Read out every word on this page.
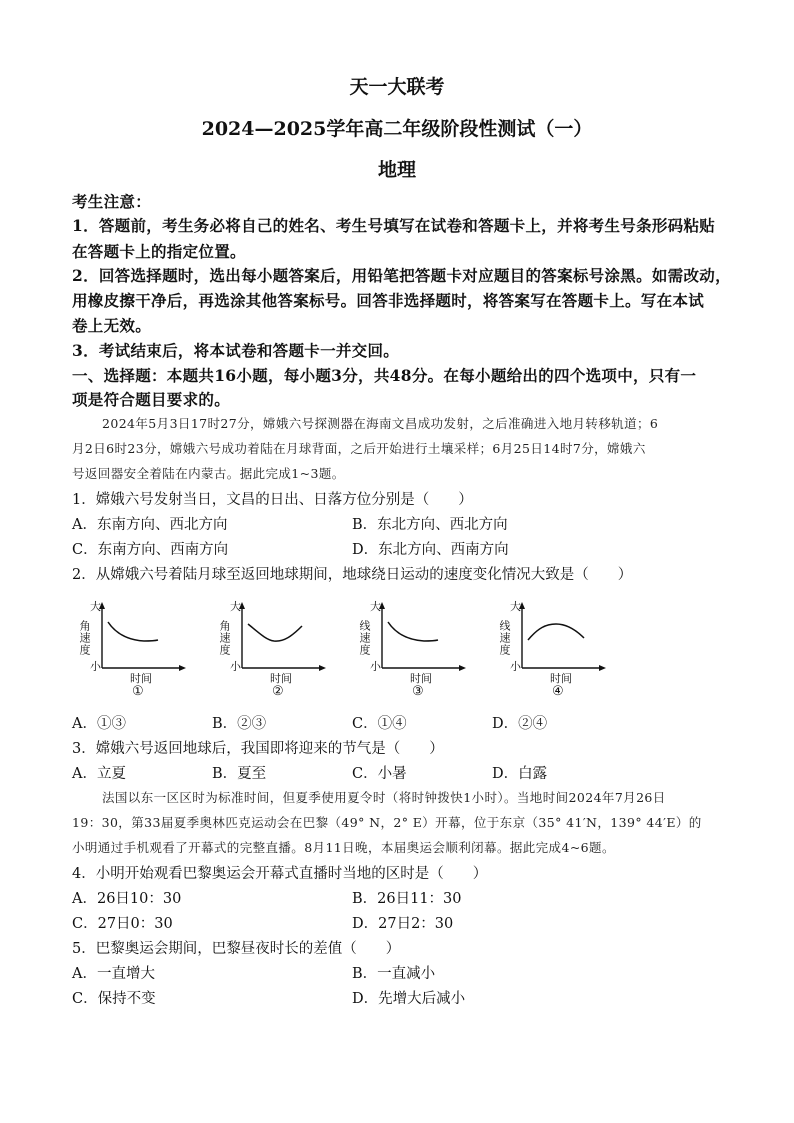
天一大联考
2024—2025学年高二年级阶段性测试（一）
地理
考生注意：
1．答题前，考生务必将自己的姓名、考生号填写在试卷和答题卡上，并将考生号条形码粘贴
在答题卡上的指定位置。
2．回答选择题时，选出每小题答案后，用铅笔把答题卡对应题目的答案标号涂黑。如需改动，
用橡皮擦干净后，再选涂其他答案标号。回答非选择题时，将答案写在答题卡上。写在本试
卷上无效。
3．考试结束后，将本试卷和答题卡一并交回。
一、选择题：本题共16小题，每小题3分，共48分。在每小题给出的四个选项中，只有一
项是符合题目要求的。
2024年5月3日17时27分，嫦娥六号探测器在海南文昌成功发射，之后准确进入地月转移轨道；6
月2日6时23分，嫦娥六号成功着陆在月球背面，之后开始进行土壤采样；6月25日14时7分，嫦娥六
号返回器安全着陆在内蒙古。据此完成1~3题。
1．嫦娥六号发射当日，文昌的日出、日落方位分别是（　　）
A．东南方向、西北方向	B．东北方向、西北方向
C．东南方向、西南方向	D．东北方向、西南方向
2．从嫦娥六号着陆月球至返回地球期间，地球绕日运动的速度变化情况大致是（　　）
大
角速度
小
时间
①
大
角速度
小
时间
②
大
线速度
小
时间
③
大
线速度
小
时间
④
A．①③	B．②③	C．①④	D．②④
3．嫦娥六号返回地球后，我国即将迎来的节气是（　　）
A．立夏	B．夏至	C．小暑	D．白露
法国以东一区区时为标准时间，但夏季使用夏令时（将时钟拨快1小时）。当地时间2024年7月26日
19：30，第33届夏季奥林匹克运动会在巴黎（49° N，2° E）开幕，位于东京（35° 41′N，139° 44′E）的
小明通过手机观看了开幕式的完整直播。8月11日晚，本届奥运会顺利闭幕。据此完成4~6题。
4．小明开始观看巴黎奥运会开幕式直播时当地的区时是（　　）
A．26日10：30	B．26日11：30
C．27日0：30	D．27日2：30
5．巴黎奥运会期间，巴黎昼夜时长的差值（　　）
A．一直增大	B．一直减小
C．保持不变	D．先增大后减小
